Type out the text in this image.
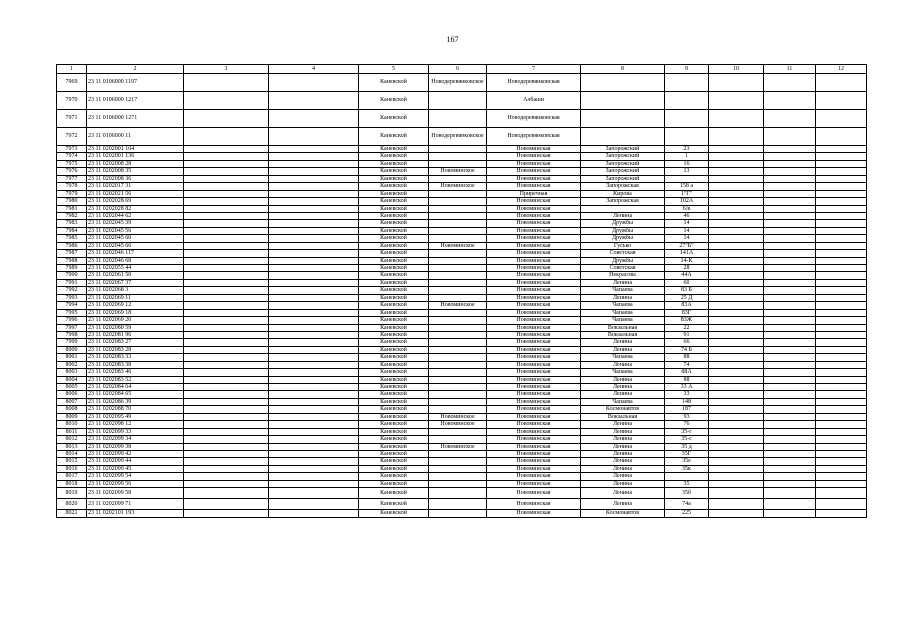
167
1	2	3	4	5	6	7	8	9	10	11	12
7969	23 11 0106000 1197			Каневской	Новодеревянковское	Новодеревянковская					
7970	23 11 0106000 1217			Каневской		Албаши					
7971	23 11 0106000 1271			Каневской		Новодеревянковская					
7972	23 11 0106000 11			Каневской	Новодеревянковское	Новодеревянковская					
7973	23 11 0202001 104			Каневской		Новоминская	Запорожский	23			
7974	23 11 0202001 136			Каневской		Новоминская	Запорожский	1			
7975	23 11 0202008 28			Каневской		Новоминская	Запорожский	16			
7976	23 11 0202008 35			Каневской	Новоминское	Новоминская	Запорожский	13			
7977	23 11 0202008 36			Каневской		Новоминская	Запорожский				
7978	23 11 0202017 31			Каневской	Новоминское	Новоминская	Запорожская	158 а			
7979	23 11 0202021 56			Каневской		Приречная	Кирова	1"Г"			
7980	23 11 0202028 69			Каневской		Новоминская	Запорожская	102А			
7981	23 11 0202028 82			Каневской		Новоминская		6/в			
7982	23 11 0202044 62			Каневской		Новоминская	Ленина	46			
7983	23 11 0202045 39			Каневской		Новоминская	Дружбы	14			
7984	23 11 0202045 56			Каневской		Новоминская	Дружбы	14			
7985	23 11 0202045 60			Каневской		Новоминская	Дружбы	14			
7986	23 11 0202045 66			Каневской	Новоминское	Новоминская	Гусько	27"Б"			
7987	23 11 0202046 117			Каневской		Новоминская	Советская	141А			
7988	23 11 0202046 68			Каневской		Новоминская	Дружбы	14-К			
7989	23 11 0202055 44			Каневской		Новоминская	Советская	28			
7990	23 11 0202061 50			Каневской		Новоминская	Некрасова	44А			
7991	23 11 0202067 37			Каневской		Новоминская	Ленина	60			
7992	23 11 0202068 3			Каневской		Новоминская	Чапаева	83 Б			
7993	23 11 0202069 11			Каневской		Новоминская	Ленина	25 Д			
7994	23 11 0202069 12			Каневской	Новоминское	Новоминская	Чапаева	83А			
7995	23 11 0202069 18			Каневской		Новоминская	Чапаева	83Г			
7996	23 11 0202069 20			Каневской		Новоминская	Чапаева	83Ж			
7997	23 11 0202080 59			Каневской		Новоминская	Вокзальная	22			
7998	23 11 0202081 96			Каневской		Новоминская	Вокзальная	91			
7999	23 11 0202083 27			Каневской		Новоминская	Ленина	66			
8000	23 11 0202083 28			Каневской		Новоминская	Ленина	74 Б			
8001	23 11 0202083 33			Каневской		Новоминская	Чапаева	88			
8002	23 11 0202083 38			Каневской		Новоминская	Ленина	74			
8003	23 11 0202083 46			Каневской		Новоминская	Чапаева	88А			
8004	23 11 0202083 52			Каневской		Новоминская	Ленина	88			
8005	23 11 0202084 64			Каневской		Новоминская	Ленина	33 А			
8006	23 11 0202084 65			Каневской		Новоминская	Ленина	33			
8007	23 11 0202086 39			Каневской		Новоминская	Чапаева	148			
8008	23 11 0202088 70			Каневской		Новоминская	Космонавтов	187			
8009	23 11 0202095 49			Каневской	Новоминское	Новоминская	Вокзальная	93			
8010	23 11 0202098 12			Каневской	Новоминское	Новоминская	Ленина	76			
8011	23 11 0202099 33			Каневской		Новоминская	Ленина	35-г			
8012	23 11 0202099 34			Каневской		Новоминская	Ленина	35-с			
8013	23 11 0202099 38			Каневской	Новоминское	Новоминская	Ленина	35 д			
8014	23 11 0202099 42			Каневской		Новоминская	Ленина	35Г			
8015	23 11 0202099 44			Каневской		Новоминская	Ленина	35е			
8016	23 11 0202099 45			Каневской		Новоминская	Ленина	35к			
8017	23 11 0202099 54			Каневской		Новоминская	Ленина				
8018	23 11 0202099 56			Каневской		Новоминская	Ленина	35			
8019	23 11 0202099 58			Каневской		Новоминская	Ленина	35б			
8020	23 11 0202099 71			Каневской		Новоминская	Ленина	74а			
8021	23 11 0202101 193			Каневской		Новоминская	Космонавтов	225			
